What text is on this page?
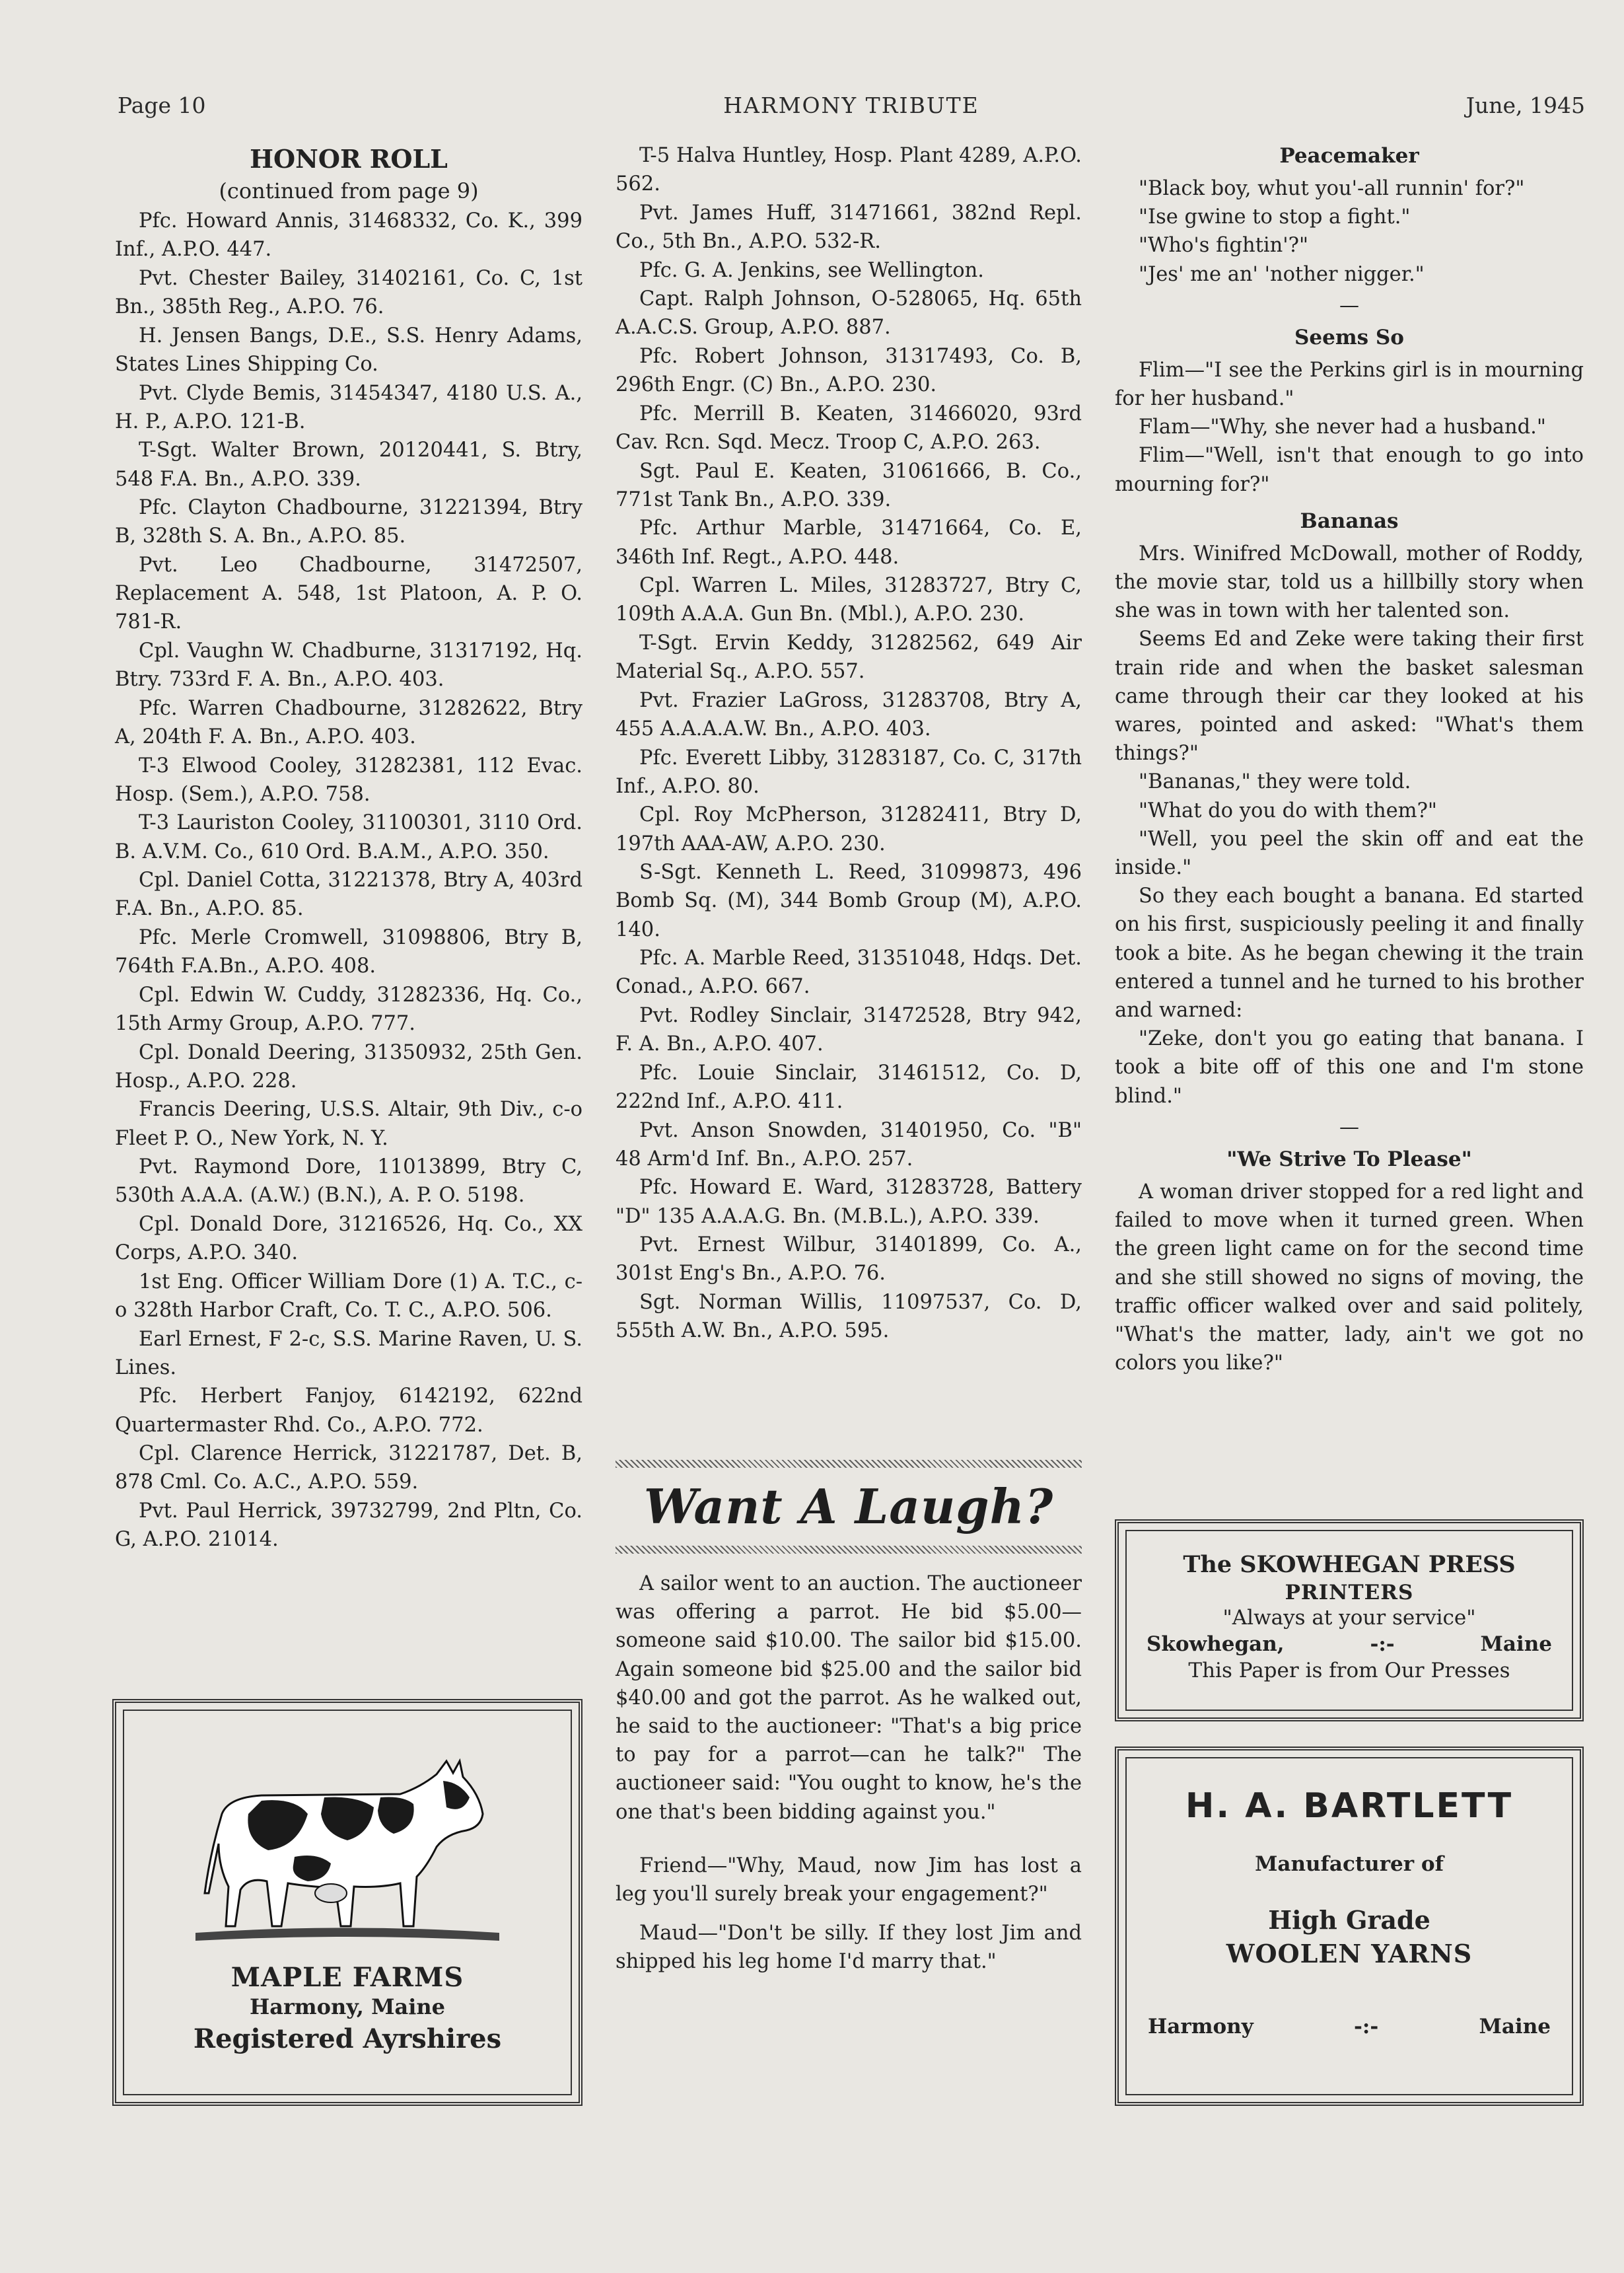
Page 10	HARMONY TRIBUTE	June, 1945
HONOR ROLL
(continued from page 9)
Pfc. Howard Annis, 31468332, Co. K., 399 Inf., A.P.O. 447.
Pvt. Chester Bailey, 31402161, Co. C, 1st Bn., 385th Reg., A.P.O. 76.
H. Jensen Bangs, D.E., S.S. Henry Adams, States Lines Shipping Co.
Pvt. Clyde Bemis, 31454347, 4180 U.S. A., H. P., A.P.O. 121-B.
T-Sgt. Walter Brown, 20120441, S. Btry, 548 F.A. Bn., A.P.O. 339.
Pfc. Clayton Chadbourne, 31221394, Btry B, 328th S. A. Bn., A.P.O. 85.
Pvt. Leo Chadbourne, 31472507, Replacement A. 548, 1st Platoon, A. P. O. 781-R.
Cpl. Vaughn W. Chadburne, 31317192, Hq. Btry. 733rd F. A. Bn., A.P.O. 403.
Pfc. Warren Chadbourne, 31282622, Btry A, 204th F. A. Bn., A.P.O. 403.
T-3 Elwood Cooley, 31282381, 112 Evac. Hosp. (Sem.), A.P.O. 758.
T-3 Lauriston Cooley, 31100301, 3110 Ord. B. A.V.M. Co., 610 Ord. B.A.M., A.P.O. 350.
Cpl. Daniel Cotta, 31221378, Btry A, 403rd F.A. Bn., A.P.O. 85.
Pfc. Merle Cromwell, 31098806, Btry B, 764th F.A.Bn., A.P.O. 408.
Cpl. Edwin W. Cuddy, 31282336, Hq. Co., 15th Army Group, A.P.O. 777.
Cpl. Donald Deering, 31350932, 25th Gen. Hosp., A.P.O. 228.
Francis Deering, U.S.S. Altair, 9th Div., c-o Fleet P. O., New York, N. Y.
Pvt. Raymond Dore, 11013899, Btry C, 530th A.A.A. (A.W.) (B.N.), A. P. O. 5198.
Cpl. Donald Dore, 31216526, Hq. Co., XX Corps, A.P.O. 340.
1st Eng. Officer William Dore (1) A. T.C., c-o 328th Harbor Craft, Co. T. C., A.P.O. 506.
Earl Ernest, F 2-c, S.S. Marine Raven, U. S. Lines.
Pfc. Herbert Fanjoy, 6142192, 622nd Quartermaster Rhd. Co., A.P.O. 772.
Cpl. Clarence Herrick, 31221787, Det. B, 878 Cml. Co. A.C., A.P.O. 559.
Pvt. Paul Herrick, 39732799, 2nd Pltn, Co. G, A.P.O. 21014.
T-5 Halva Huntley, Hosp. Plant 4289, A.P.O. 562.
Pvt. James Huff, 31471661, 382nd Repl. Co., 5th Bn., A.P.O. 532-R.
Pfc. G. A. Jenkins, see Wellington.
Capt. Ralph Johnson, O-528065, Hq. 65th A.A.C.S. Group, A.P.O. 887.
Pfc. Robert Johnson, 31317493, Co. B, 296th Engr. (C) Bn., A.P.O. 230.
Pfc. Merrill B. Keaten, 31466020, 93rd Cav. Rcn. Sqd. Mecz. Troop C, A.P.O. 263.
Sgt. Paul E. Keaten, 31061666, B. Co., 771st Tank Bn., A.P.O. 339.
Pfc. Arthur Marble, 31471664, Co. E, 346th Inf. Regt., A.P.O. 448.
Cpl. Warren L. Miles, 31283727, Btry C, 109th A.A.A. Gun Bn. (Mbl.), A.P.O. 230.
T-Sgt. Ervin Keddy, 31282562, 649 Air Material Sq., A.P.O. 557.
Pvt. Frazier LaGross, 31283708, Btry A, 455 A.A.A.A.W. Bn., A.P.O. 403.
Pfc. Everett Libby, 31283187, Co. C, 317th Inf., A.P.O. 80.
Cpl. Roy McPherson, 31282411, Btry D, 197th AAA-AW, A.P.O. 230.
S-Sgt. Kenneth L. Reed, 31099873, 496 Bomb Sq. (M), 344 Bomb Group (M), A.P.O. 140.
Pfc. A. Marble Reed, 31351048, Hdqs. Det. Conad., A.P.O. 667.
Pvt. Rodley Sinclair, 31472528, Btry 942, F. A. Bn., A.P.O. 407.
Pfc. Louie Sinclair, 31461512, Co. D, 222nd Inf., A.P.O. 411.
Pvt. Anson Snowden, 31401950, Co. "B" 48 Arm'd Inf. Bn., A.P.O. 257.
Pfc. Howard E. Ward, 31283728, Battery "D" 135 A.A.A.G. Bn. (M.B.L.), A.P.O. 339.
Pvt. Ernest Wilbur, 31401899, Co. A., 301st Eng's Bn., A.P.O. 76.
Sgt. Norman Willis, 11097537, Co. D, 555th A.W. Bn., A.P.O. 595.
Want A Laugh?

A sailor went to an auction. The auctioneer was offering a parrot. He bid $5.00—someone said $10.00. The sailor bid $15.00. Again someone bid $25.00 and the sailor bid $40.00 and got the parrot. As he walked out, he said to the auctioneer: "That's a big price to pay for a parrot—can he talk?" The auctioneer said: "You ought to know, he's the one that's been bidding against you."

Friend—"Why, Maud, now Jim has lost a leg you'll surely break your engagement?"

Maud—"Don't be silly. If they lost Jim and shipped his leg home I'd marry that."

Peacemaker

"Black boy, whut you'-all runnin' for?"

"Ise gwine to stop a fight."

"Who's fightin'?"

"Jes' me an' 'nother nigger."

—
Seems So

Flim—"I see the Perkins girl is in mourning for her husband."

Flam—"Why, she never had a husband."

Flim—"Well, isn't that enough to go into mourning for?"

Bananas

Mrs. Winifred McDowall, mother of Roddy, the movie star, told us a hillbilly story when she was in town with her talented son.

Seems Ed and Zeke were taking their first train ride and when the basket salesman came through their car they looked at his wares, pointed and asked: "What's them things?"

"Bananas," they were told.

"What do you do with them?"

"Well, you peel the skin off and eat the inside."

So they each bought a banana. Ed started on his first, suspiciously peeling it and finally took a bite. As he began chewing it the train entered a tunnel and he turned to his brother and warned:

"Zeke, don't you go eating that banana. I took a bite off of this one and I'm stone blind."

—
"We Strive To Please"

A woman driver stopped for a red light and failed to move when it turned green. When the green light came on for the second time and she still showed no signs of moving, the traffic officer walked over and said politely, "What's the matter, lady, ain't we got no colors you like?"

MAPLE FARMS
Harmony, Maine
Registered Ayrshires
The SKOWHEGAN PRESS
PRINTERS
"Always at your service"
Skowhegan,	-:-	Maine
This Paper is from Our Presses
H. A. BARTLETT
Manufacturer of
High Grade
WOOLEN YARNS
Harmony	-:-	Maine
